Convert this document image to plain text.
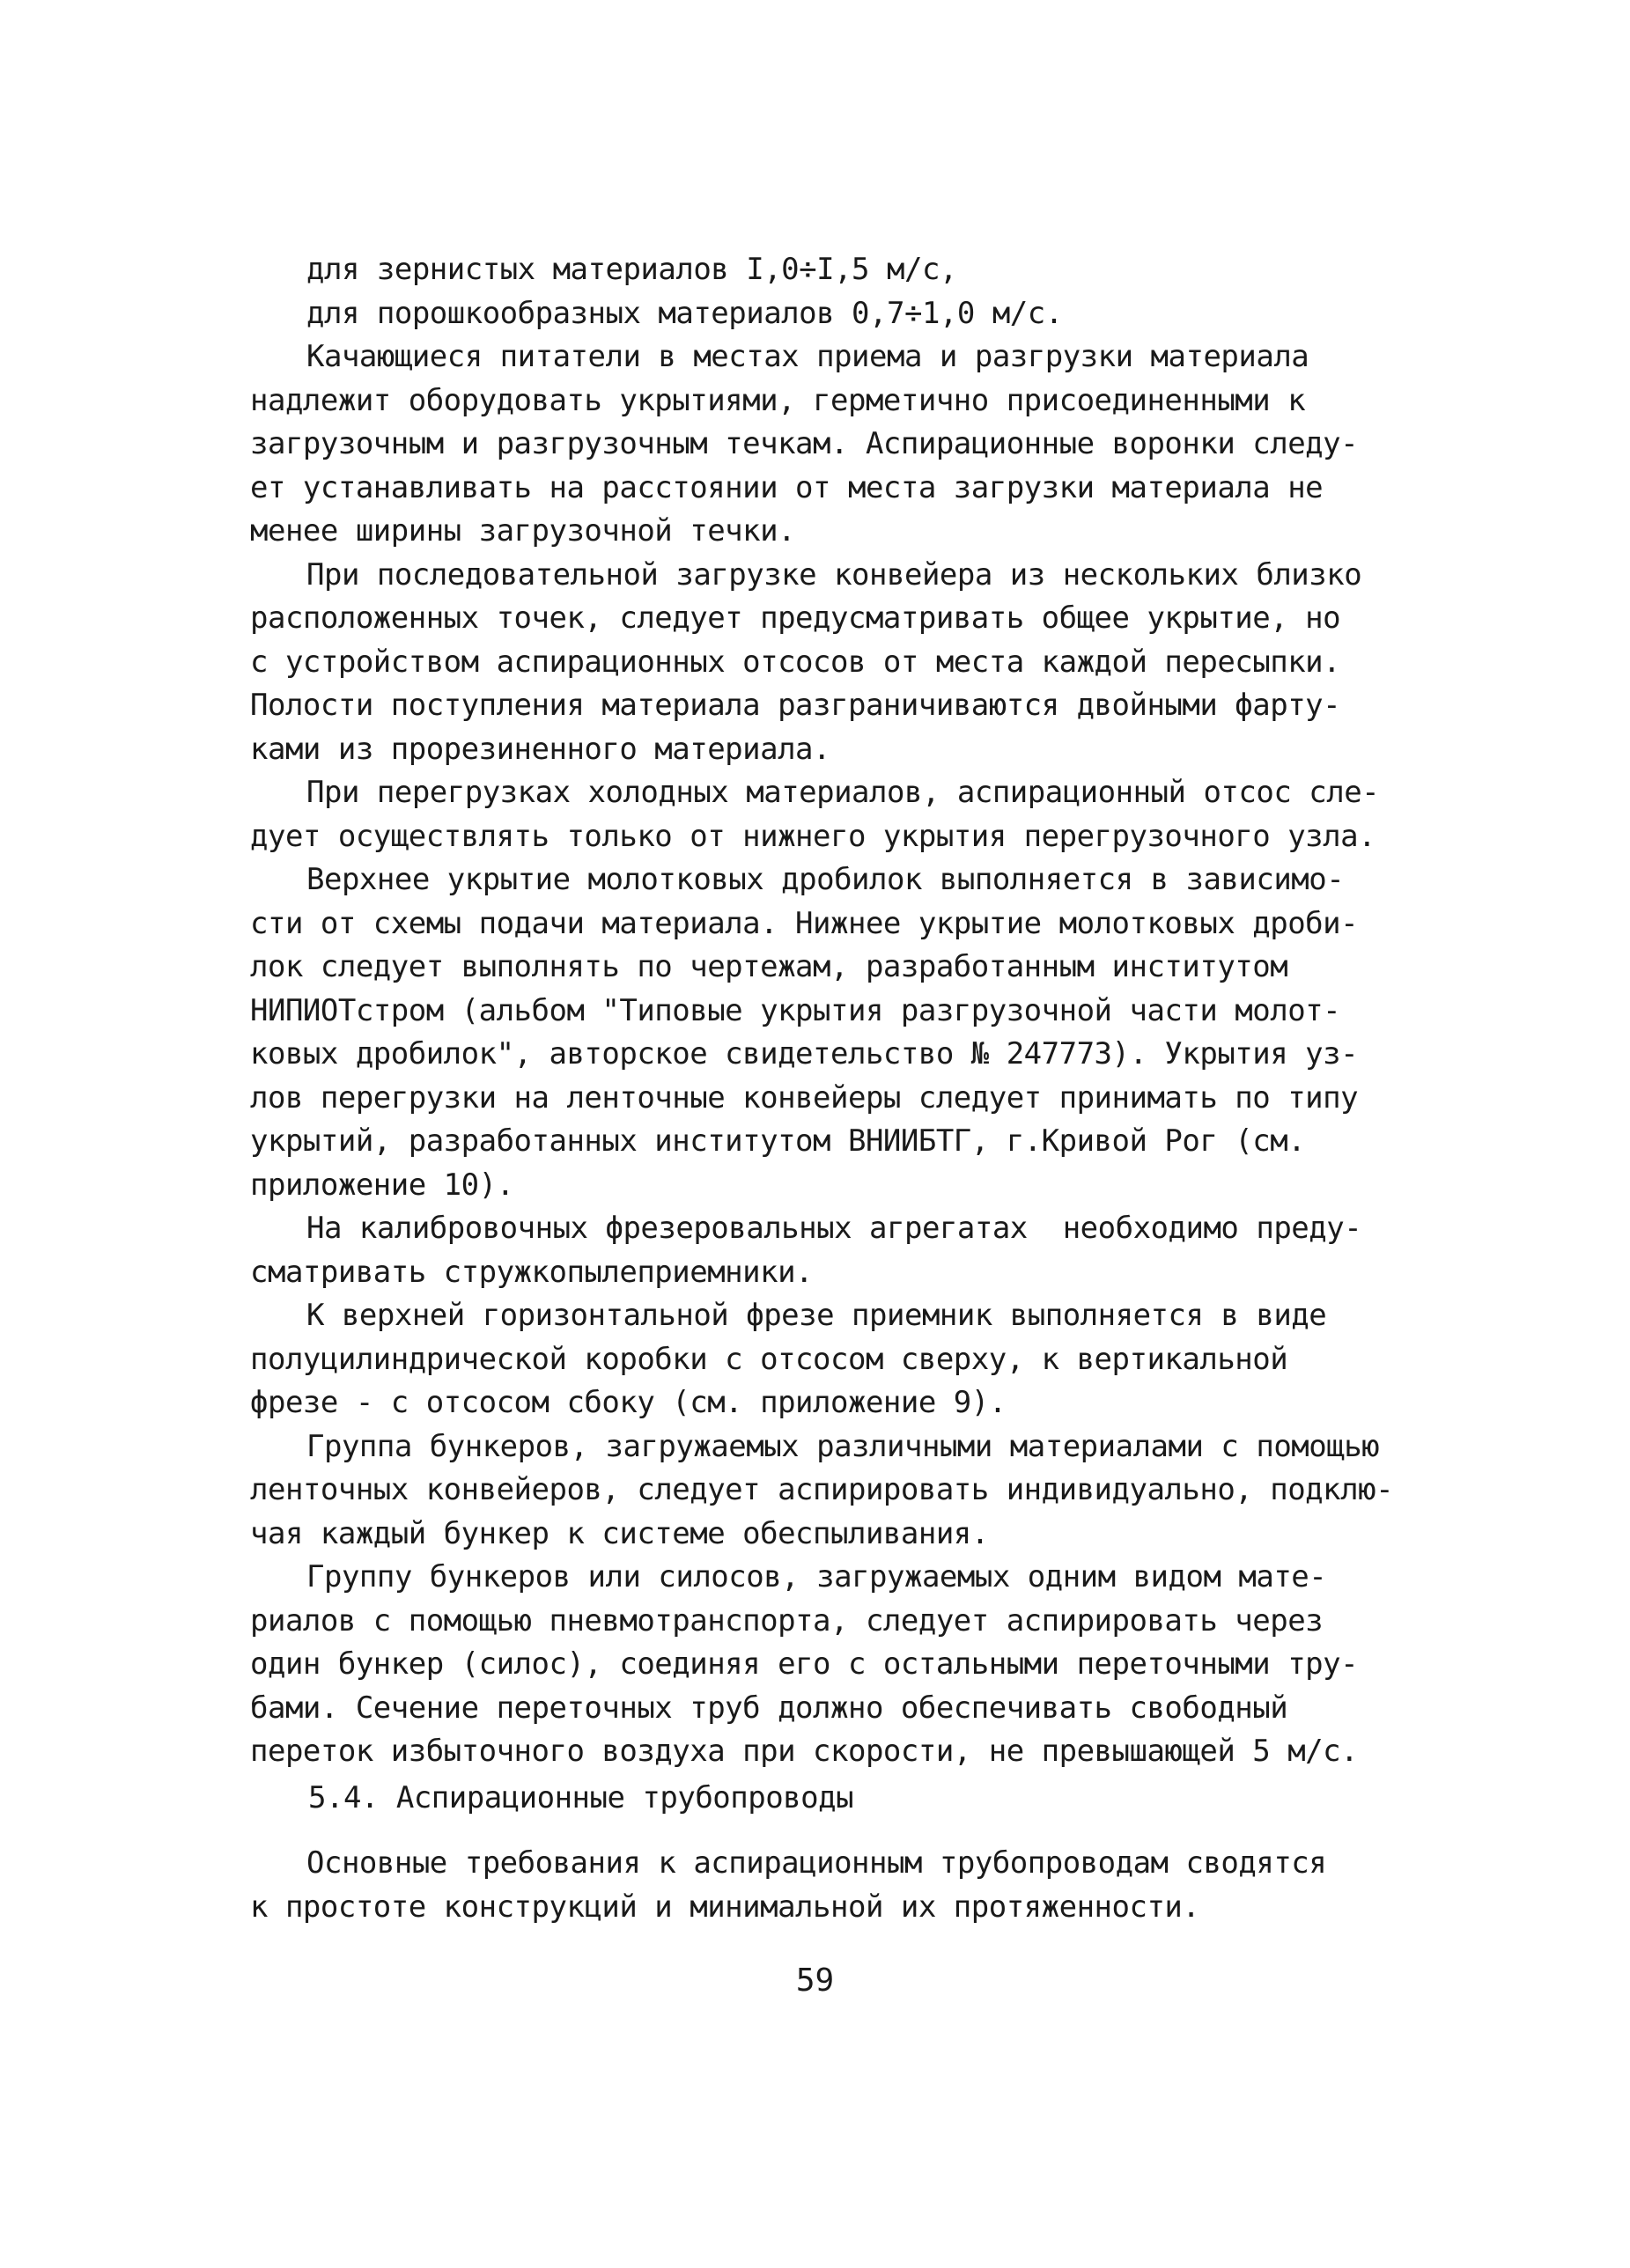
для зернистых материалов I,0÷I,5 м/с,
для порошкообразных материалов 0,7÷1,0 м/с.
Качающиеся питатели в местах приема и разгрузки материала
надлежит оборудовать укрытиями, герметично присоединенными к
загрузочным и разгрузочным течкам. Аспирационные воронки следу-
ет устанавливать на расстоянии от места загрузки материала не
менее ширины загрузочной течки.
При последовательной загрузке конвейера из нескольких близко
расположенных точек, следует предусматривать общее укрытие, но
с устройством аспирационных отсосов от места каждой пересыпки.
Полости поступления материала разграничиваются двойными фарту-
ками из прорезиненного материала.
При перегрузках холодных материалов, аспирационный отсос сле-
дует осуществлять только от нижнего укрытия перегрузочного узла.
Верхнее укрытие молотковых дробилок выполняется в зависимо-
сти от схемы подачи материала. Нижнее укрытие молотковых дроби-
лок следует выполнять по чертежам, разработанным институтом
НИПИОТстром (альбом "Типовые укрытия разгрузочной части молот-
ковых дробилок", авторское свидетельство № 247773). Укрытия уз-
лов перегрузки на ленточные конвейеры следует принимать по типу
укрытий, разработанных институтом ВНИИБТГ, г.Кривой Рог (см.
приложение 10).
На калибровочных фрезеровальных агрегатах  необходимо преду-
сматривать стружкопылеприемники.
К верхней горизонтальной фрезе приемник выполняется в виде
полуцилиндрической коробки с отсосом сверху, к вертикальной
фрезе - с отсосом сбоку (см. приложение 9).
Группа бункеров, загружаемых различными материалами с помощью
ленточных конвейеров, следует аспирировать индивидуально, подклю-
чая каждый бункер к системе обеспыливания.
Группу бункеров или силосов, загружаемых одним видом мате-
риалов с помощью пневмотранспорта, следует аспирировать через
один бункер (силос), соединяя его с остальными переточными тру-
бами. Сечение переточных труб должно обеспечивать свободный
переток избыточного воздуха при скорости, не превышающей 5 м/с.
5.4. Аспирационные трубопроводы
Основные требования к аспирационным трубопроводам сводятся
к простоте конструкций и минимальной их протяженности.
59
